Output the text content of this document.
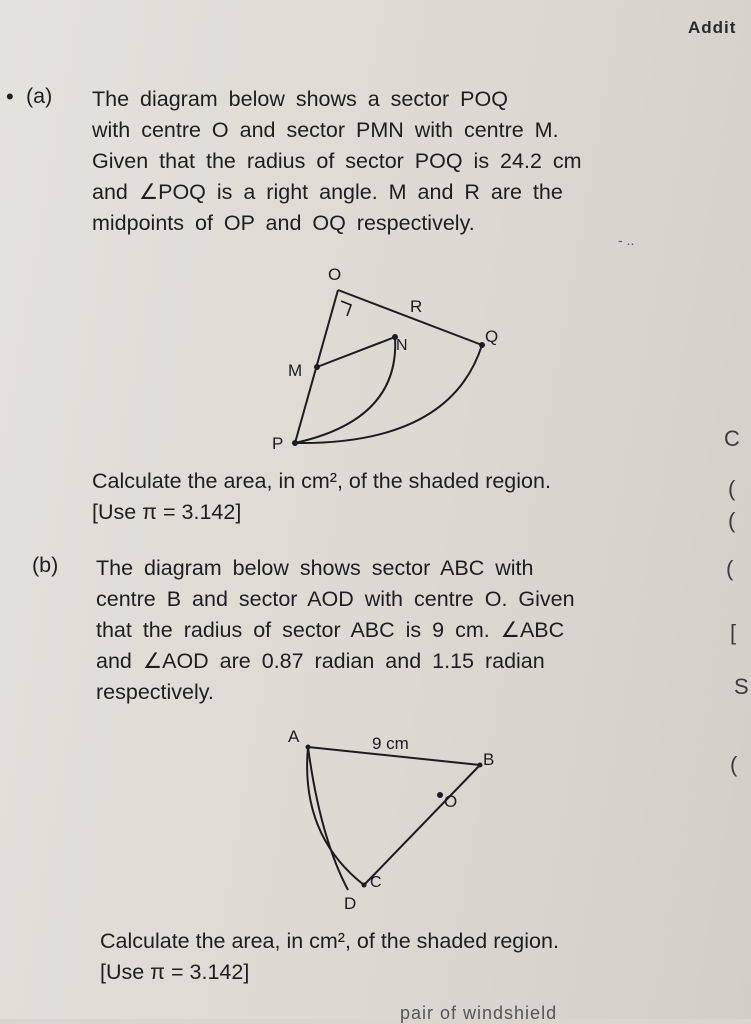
Addit
• (a) The diagram below shows a sector POQ
with centre O and sector PMN with centre M.
Given that the radius of sector POQ is 24.2 cm
and ∠POQ is a right angle. M and R are the
midpoints of OP and OQ respectively.
- ..
O
R
N	Q
M
P
Calculate the area, in cm², of the shaded region.
[Use π = 3.142]
(b) The diagram below shows sector ABC with
centre B and sector AOD with centre O. Given
that the radius of sector ABC is 9 cm. ∠ABC
and ∠AOD are 0.87 radian and 1.15 radian
respectively.
A	9 cm
B
O
C
D
Calculate the area, in cm², of the shaded region.
[Use π = 3.142]
C
(
(
(
[
S
(
pair of windshield
